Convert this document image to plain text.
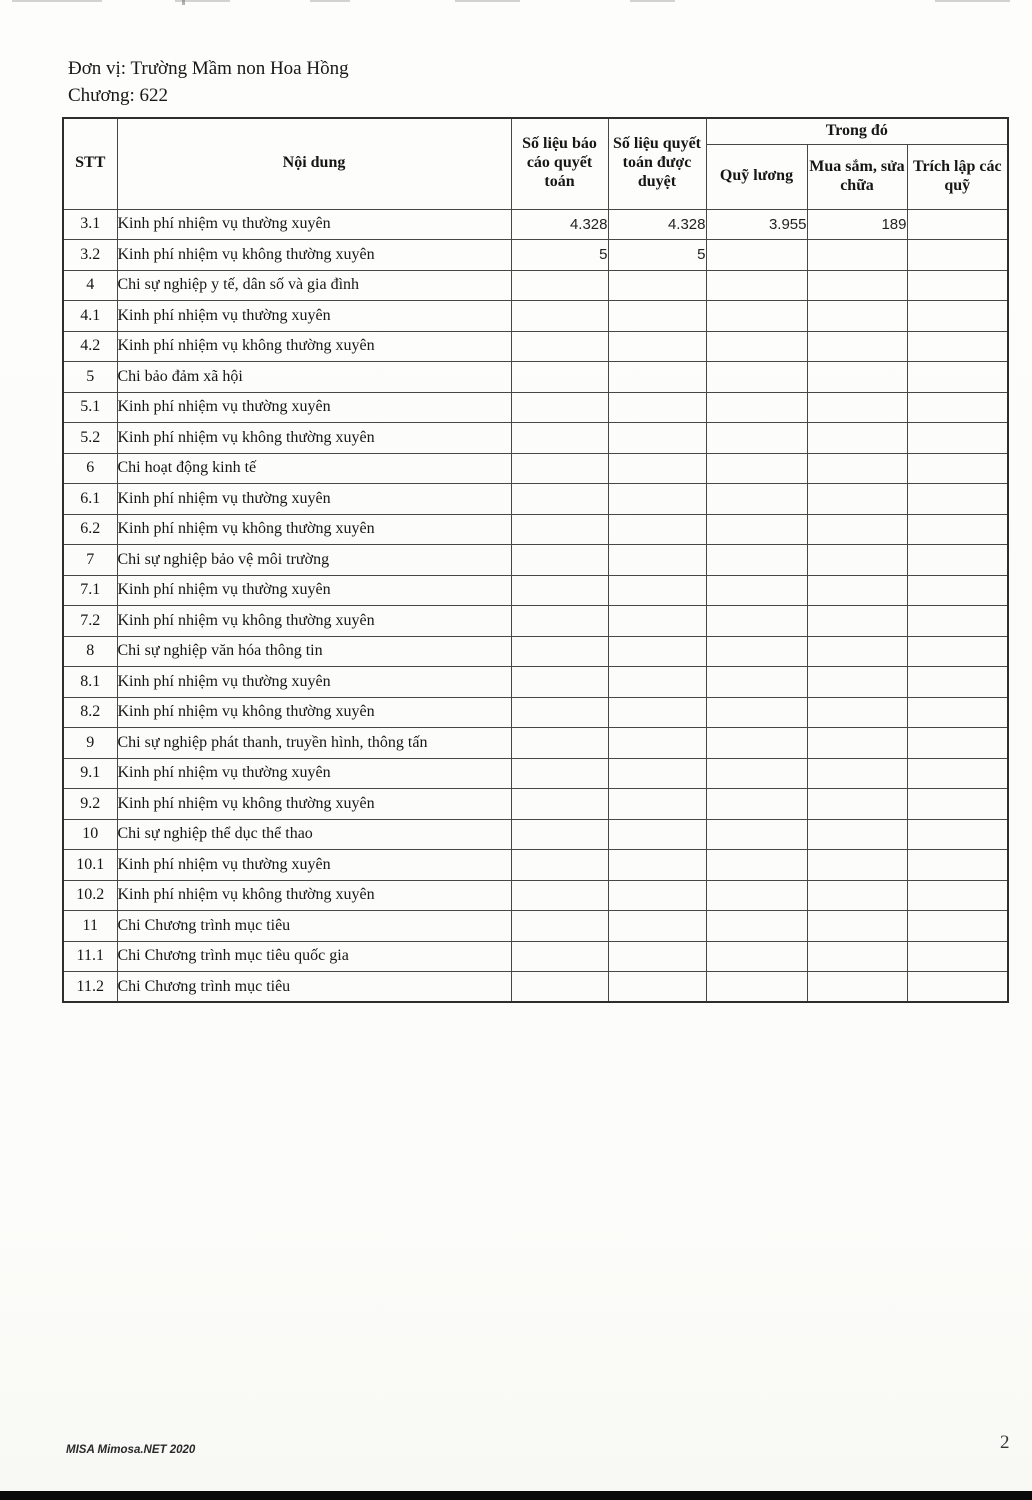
Đơn vị: Trường Mầm non Hoa Hồng
Chương: 622
STT	Nội dung	Số liệu báo cáo quyết toán	Số liệu quyết toán được duyệt	Trong đó		
				Quỹ lương	Mua sắm, sửa chữa	Trích lập các quỹ
3.1	Kinh phí nhiệm vụ thường xuyên	4.328	4.328	3.955	189	
3.2	Kinh phí nhiệm vụ không thường xuyên	5	5			
4	Chi sự nghiệp y tế, dân số và gia đình					
4.1	Kinh phí nhiệm vụ thường xuyên					
4.2	Kinh phí nhiệm vụ không thường xuyên					
5	Chi bảo đảm xã hội					
5.1	Kinh phí nhiệm vụ thường xuyên					
5.2	Kinh phí nhiệm vụ không thường xuyên					
6	Chi hoạt động kinh tế					
6.1	Kinh phí nhiệm vụ thường xuyên					
6.2	Kinh phí nhiệm vụ không thường xuyên					
7	Chi sự nghiệp bảo vệ môi trường					
7.1	Kinh phí nhiệm vụ thường xuyên					
7.2	Kinh phí nhiệm vụ không thường xuyên					
8	Chi sự nghiệp văn hóa thông tin					
8.1	Kinh phí nhiệm vụ thường xuyên					
8.2	Kinh phí nhiệm vụ không thường xuyên					
9	Chi sự nghiệp phát thanh, truyền hình, thông tấn					
9.1	Kinh phí nhiệm vụ thường xuyên					
9.2	Kinh phí nhiệm vụ không thường xuyên					
10	Chi sự nghiệp thể dục thể thao					
10.1	Kinh phí nhiệm vụ thường xuyên					
10.2	Kinh phí nhiệm vụ không thường xuyên					
11	Chi Chương trình mục tiêu					
11.1	Chi Chương trình mục tiêu quốc gia					
11.2	Chi Chương trình mục tiêu					
MISA Mimosa.NET 2020	2
